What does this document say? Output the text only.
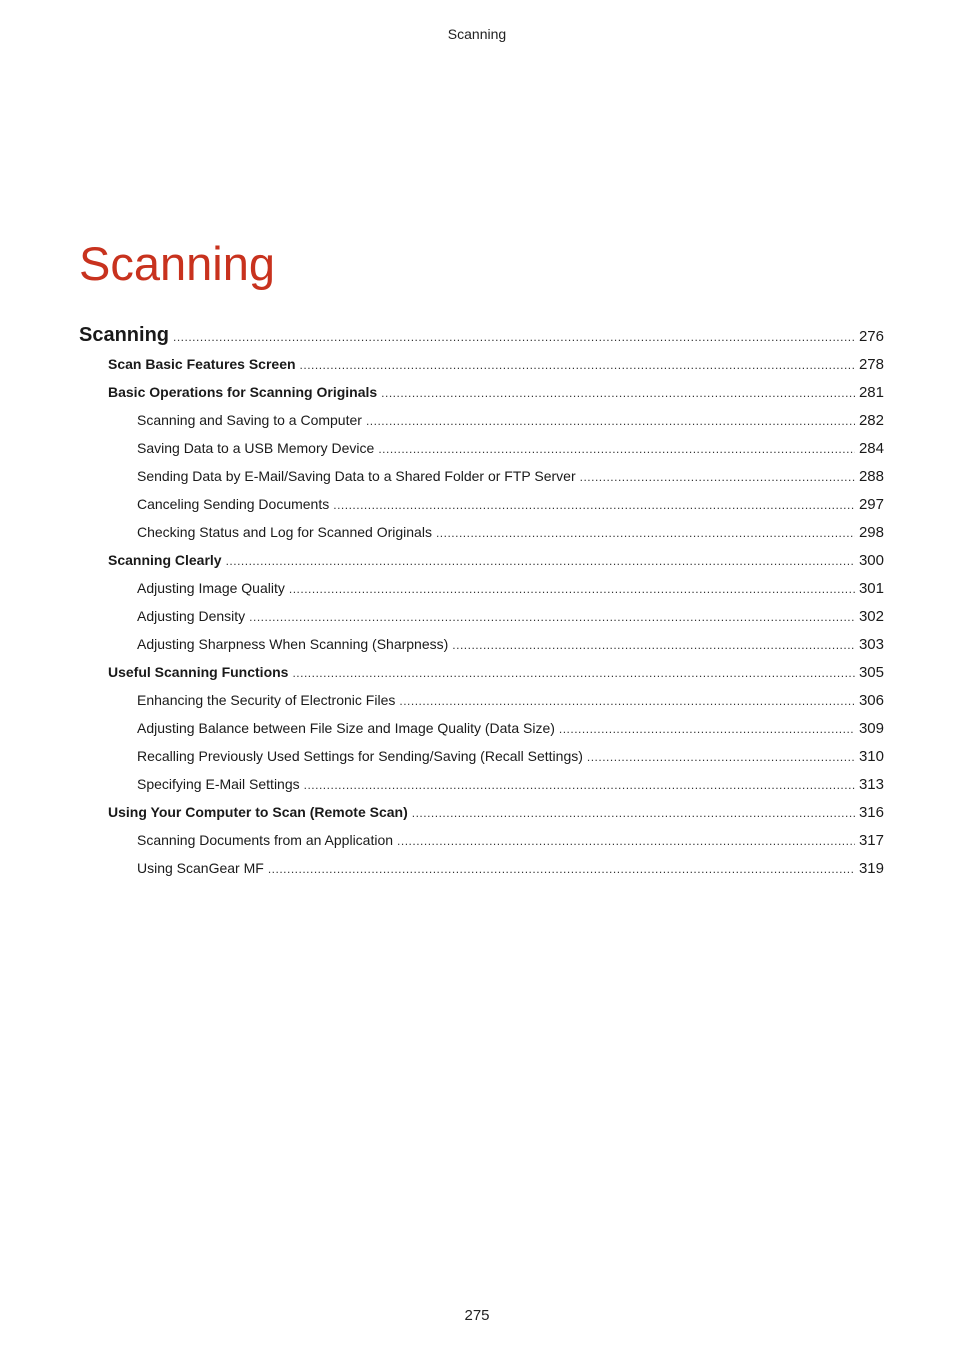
Scanning
Scanning
Scanning .....	276
Scan Basic Features Screen .....	278
Basic Operations for Scanning Originals .....	281
Scanning and Saving to a Computer .....	282
Saving Data to a USB Memory Device .....	284
Sending Data by E-Mail/Saving Data to a Shared Folder or FTP Server .....	288
Canceling Sending Documents .....	297
Checking Status and Log for Scanned Originals .....	298
Scanning Clearly .....	300
Adjusting Image Quality .....	301
Adjusting Density .....	302
Adjusting Sharpness When Scanning (Sharpness) .....	303
Useful Scanning Functions .....	305
Enhancing the Security of Electronic Files .....	306
Adjusting Balance between File Size and Image Quality (Data Size) .....	309
Recalling Previously Used Settings for Sending/Saving (Recall Settings) .....	310
Specifying E-Mail Settings .....	313
Using Your Computer to Scan (Remote Scan) .....	316
Scanning Documents from an Application .....	317
Using ScanGear MF .....	319
275
